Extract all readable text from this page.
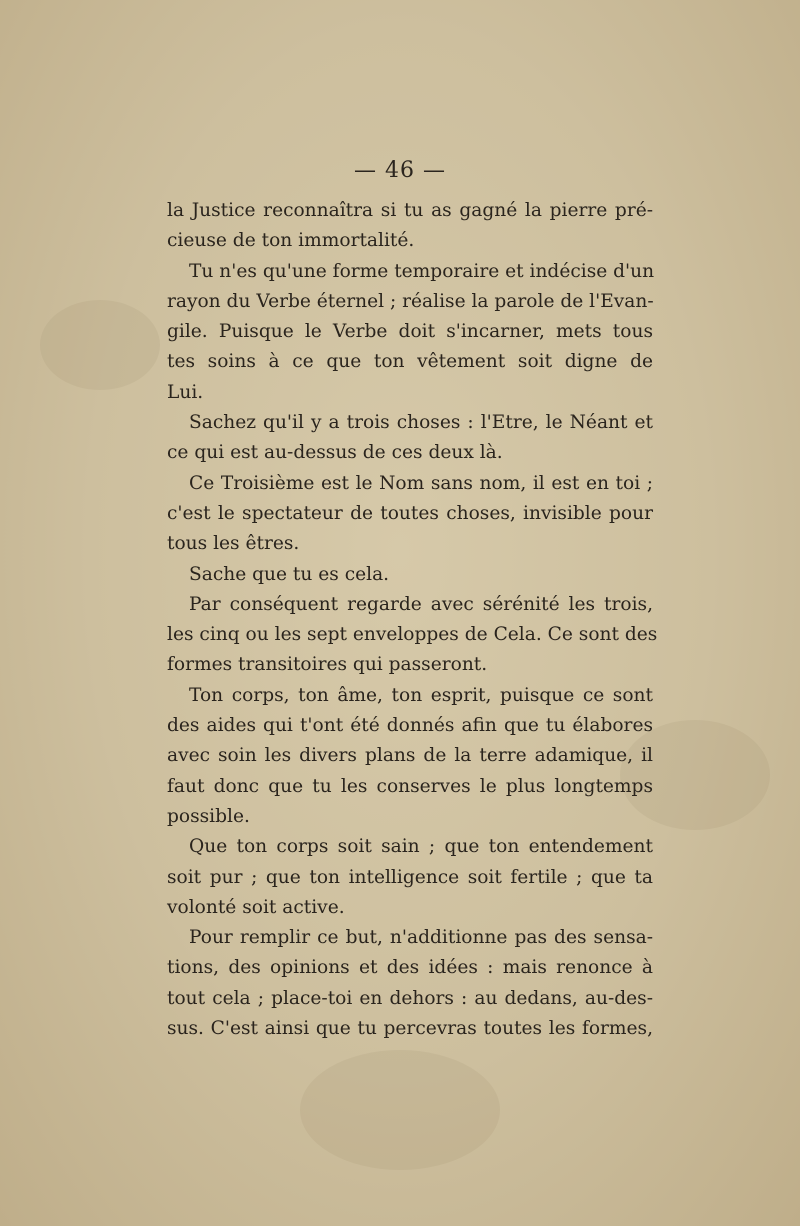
— 46 —
la Justice reconnaîtra si tu as gagné la pierre pré-
cieuse de ton immortalité.
Tu n'es qu'une forme temporaire et indécise d'un
rayon du Verbe éternel ; réalise la parole de l'Evan-
gile. Puisque le Verbe doit s'incarner, mets tous
tes soins à ce que ton vêtement soit digne de
Lui.
Sachez qu'il y a trois choses : l'Etre, le Néant et
ce qui est au-dessus de ces deux là.
Ce Troisième est le Nom sans nom, il est en toi ;
c'est le spectateur de toutes choses, invisible pour
tous les êtres.
Sache que tu es cela.
Par conséquent regarde avec sérénité les trois,
les cinq ou les sept enveloppes de Cela. Ce sont des
formes transitoires qui passeront.
Ton corps, ton âme, ton esprit, puisque ce sont
des aides qui t'ont été donnés afin que tu élabores
avec soin les divers plans de la terre adamique, il
faut donc que tu les conserves le plus longtemps
possible.
Que ton corps soit sain ; que ton entendement
soit pur ; que ton intelligence soit fertile ; que ta
volonté soit active.
Pour remplir ce but, n'additionne pas des sensa-
tions, des opinions et des idées : mais renonce à
tout cela ; place-toi en dehors : au dedans, au-des-
sus. C'est ainsi que tu percevras toutes les formes,
